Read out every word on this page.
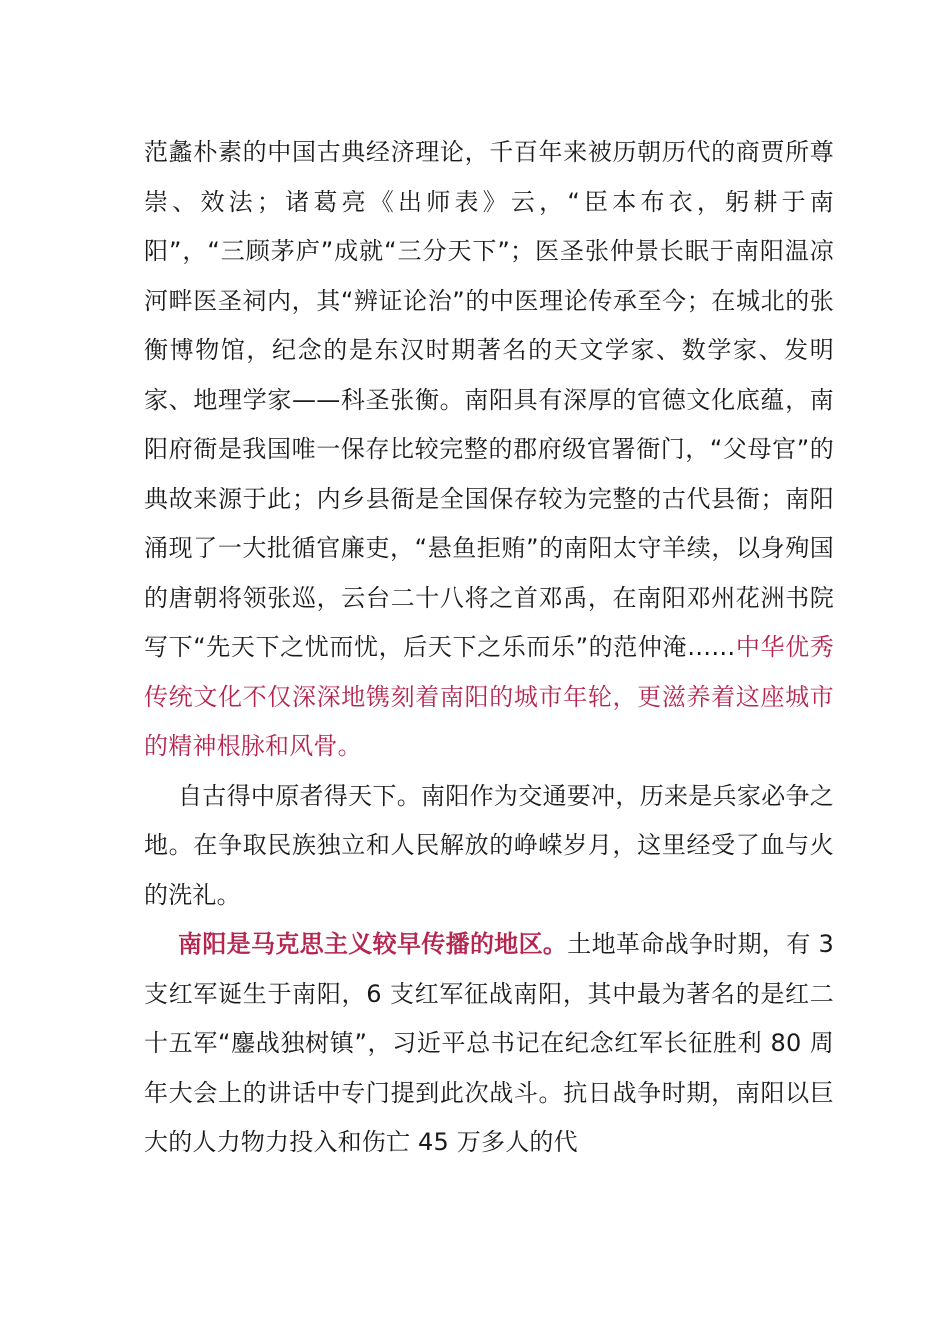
范蠡朴素的中国古典经济理论，千百年来被历朝历代的商贾所尊崇、效法；诸葛亮《出师表》云，“臣本布衣，躬耕于南阳”，“三顾茅庐”成就“三分天下”；医圣张仲景长眠于南阳温凉河畔医圣祠内，其“辨证论治”的中医理论传承至今；在城北的张衡博物馆，纪念的是东汉时期著名的天文学家、数学家、发明家、地理学家——科圣张衡。南阳具有深厚的官德文化底蕴，南阳府衙是我国唯一保存比较完整的郡府级官署衙门，“父母官”的典故来源于此；内乡县衙是全国保存较为完整的古代县衙；南阳涌现了一大批循官廉吏，“悬鱼拒贿”的南阳太守羊续，以身殉国的唐朝将领张巡，云台二十八将之首邓禹，在南阳邓州花洲书院写下“先天下之忧而忧，后天下之乐而乐”的范仲淹……中华优秀传统文化不仅深深地镌刻着南阳的城市年轮，更滋养着这座城市的精神根脉和风骨。

自古得中原者得天下。南阳作为交通要冲，历来是兵家必争之地。在争取民族独立和人民解放的峥嵘岁月，这里经受了血与火的洗礼。

南阳是马克思主义较早传播的地区。土地革命战争时期，有 3 支红军诞生于南阳，6 支红军征战南阳，其中最为著名的是红二十五军“鏖战独树镇”，习近平总书记在纪念红军长征胜利 80 周年大会上的讲话中专门提到此次战斗。抗日战争时期，南阳以巨大的人力物力投入和伤亡 45 万多人的代
